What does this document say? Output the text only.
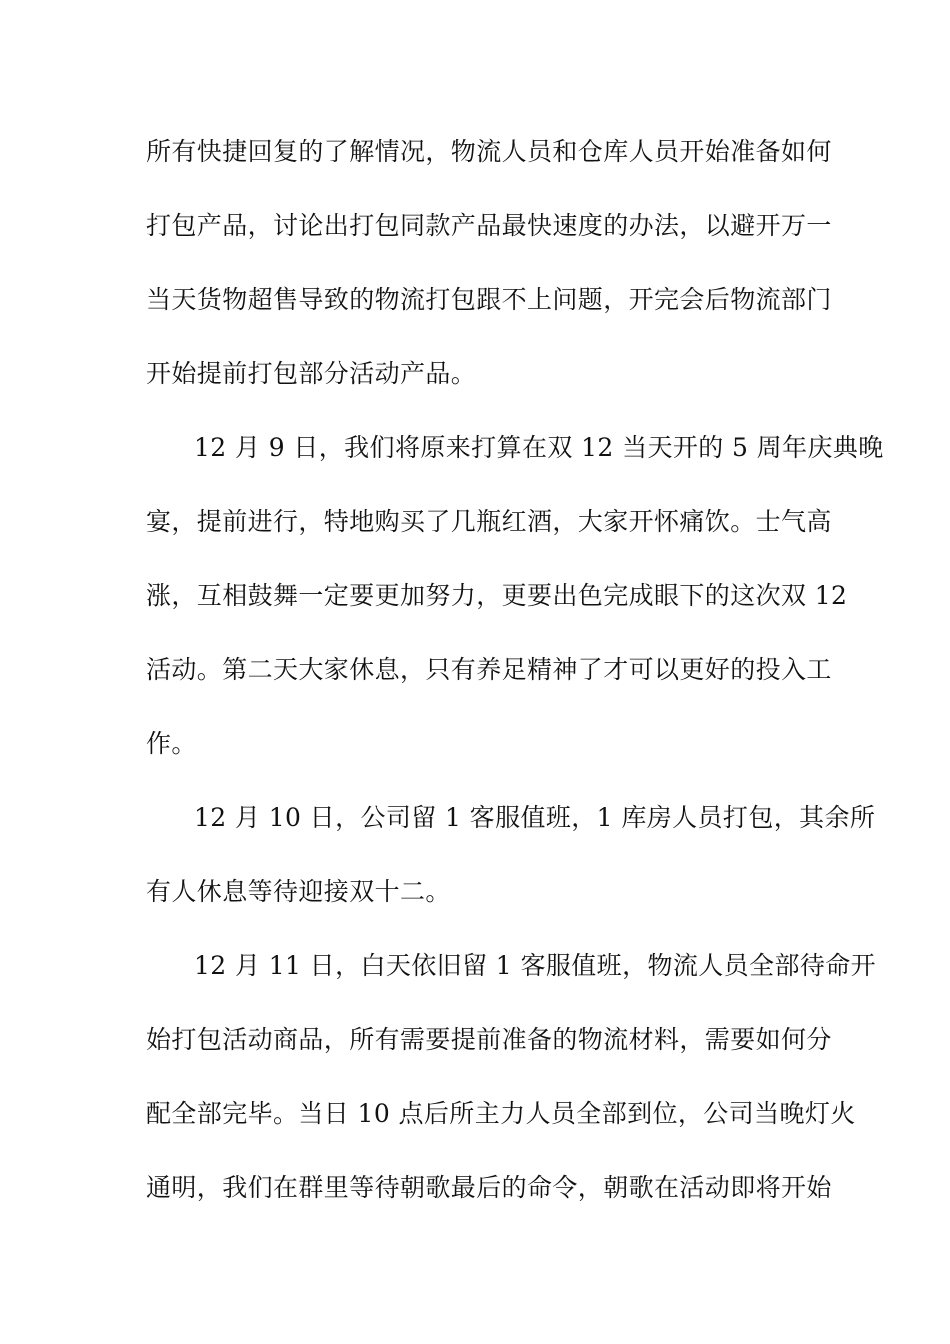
所有快捷回复的了解情况，物流人员和仓库人员开始准备如何
打包产品，讨论出打包同款产品最快速度的办法，以避开万一
当天货物超售导致的物流打包跟不上问题，开完会后物流部门
开始提前打包部分活动产品。
12 月 9 日，我们将原来打算在双 12 当天开的 5 周年庆典晚
宴，提前进行，特地购买了几瓶红酒，大家开怀痛饮。士气高
涨，互相鼓舞一定要更加努力，更要出色完成眼下的这次双 12
活动。第二天大家休息，只有养足精神了才可以更好的投入工
作。
12 月 10 日，公司留 1 客服值班，1 库房人员打包，其余所
有人休息等待迎接双十二。
12 月 11 日，白天依旧留 1 客服值班，物流人员全部待命开
始打包活动商品，所有需要提前准备的物流材料，需要如何分
配全部完毕。当日 10 点后所主力人员全部到位，公司当晚灯火
通明，我们在群里等待朝歌最后的命令，朝歌在活动即将开始
